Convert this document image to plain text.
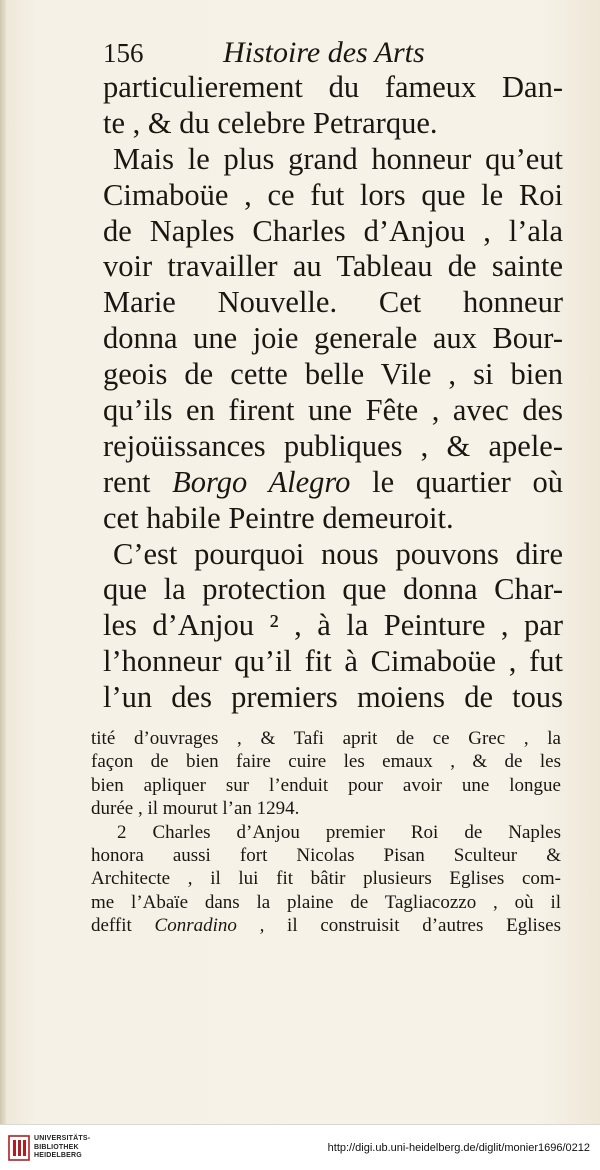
156	Histoire des Arts
particulierement du fameux Dan-
te , & du celebre Petrarque.
Mais le plus grand honneur qu’eut
Cimaboüe , ce fut lors que le Roi
de Naples Charles d’Anjou , l’ala
voir travailler au Tableau de sainte
Marie Nouvelle. Cet honneur
donna une joie generale aux Bour-
geois de cette belle Vile , si bien
qu’ils en firent une Fête , avec des
rejoüissances publiques , & apele-
rent Borgo Alegro le quartier où
cet habile Peintre demeuroit.
C’est pourquoi nous pouvons dire
que la protection que donna Char-
les d’Anjou ² , à la Peinture , par
l’honneur qu’il fit à Cimaboüe , fut
l’un des premiers moiens de tous
tité d’ouvrages , & Tafi aprit de ce Grec , la
façon de bien faire cuire les emaux , & de les
bien apliquer sur l’enduit pour avoir une longue
durée , il mourut l’an 1294.
2 Charles d’Anjou premier Roi de Naples
honora aussi fort Nicolas Pisan Sculteur &
Architecte , il lui fit bâtir plusieurs Eglises com-
me l’Abaïe dans la plaine de Tagliacozzo , où il
deffit Conradino , il construisit d’autres Eglises
UNIVERSITÄTS-
BIBLIOTHEK
HEIDELBERG
http://digi.ub.uni-heidelberg.de/diglit/monier1696/0212
